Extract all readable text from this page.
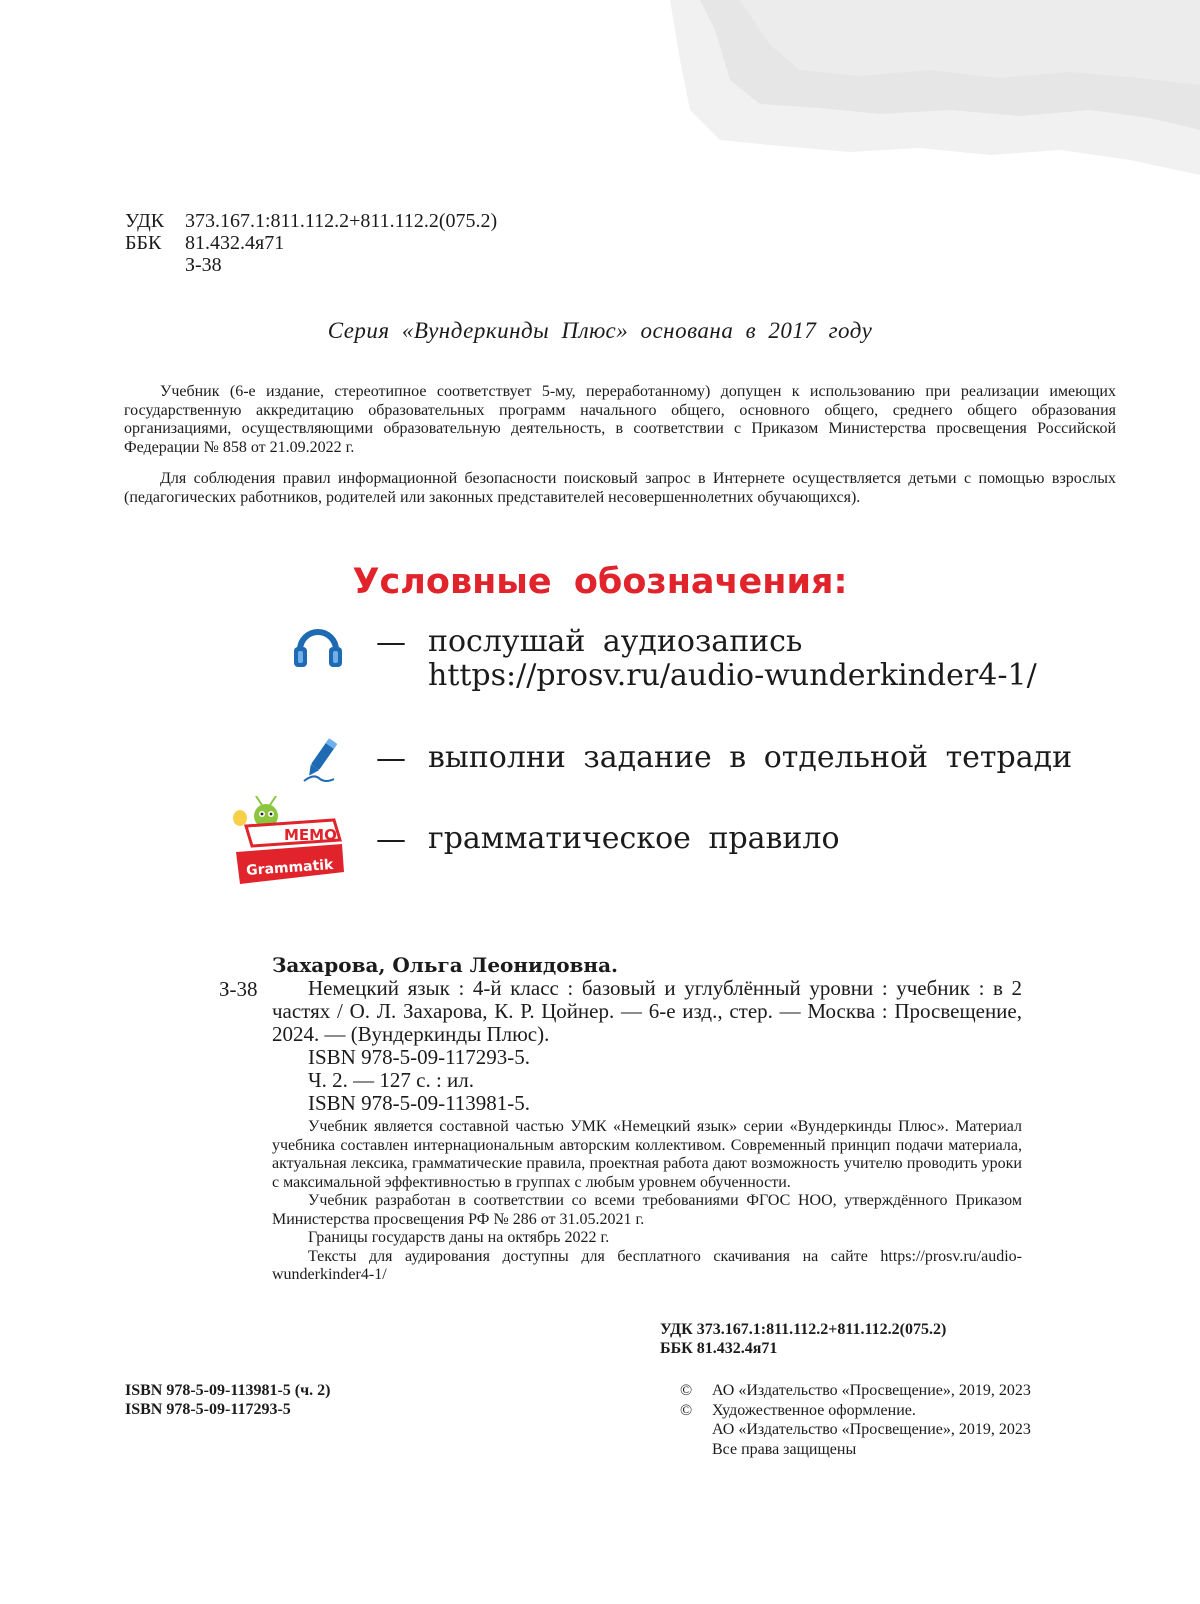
УДК	373.167.1:811.112.2+811.112.2(075.2)
ББК	81.432.4я71
З-38
Серия «Вундеркинды Плюс» основана в 2017 году
Учебник (6-е издание, стереотипное соответствует 5-му, переработанному) допущен к использованию при реализации имеющих государственную аккредитацию образовательных программ начального общего, основного общего, среднего общего образования организациями, осуществляющими образовательную деятельность, в соответствии с Приказом Министерства просвещения Российской Федерации № 858 от 21.09.2022 г.
Для соблюдения правил информационной безопасности поисковый запрос в Интернете осуществляется детьми с помощью взрослых (педагогических работников, родителей или законных представителей несовершеннолетних обучающихся).
Условные обозначения:
— послушай аудиозапись
https://prosv.ru/audio-wunderkinder4-1/
— выполни задание в отдельной тетради
MEMO
Grammatik
— грамматическое правило
Захарова, Ольга Леонидовна.
З-38	Немецкий язык : 4-й класс : базовый и углублённый уровни : учебник : в 2 частях / О. Л. Захарова, К. Р. Цойнер. — 6-е изд., стер. — Москва : Просвещение, 2024. — (Вундеркинды Плюс).
ISBN 978-5-09-117293-5.
Ч. 2. — 127 с. : ил.
ISBN 978-5-09-113981-5.
Учебник является составной частью УМК «Немецкий язык» серии «Вундеркинды Плюс». Материал учебника составлен интернациональным авторским коллективом. Современный принцип подачи материала, актуальная лексика, грамматические правила, проектная работа дают возможность учителю проводить уроки с максимальной эффективностью в группах с любым уровнем обученности.
Учебник разработан в соответствии со всеми требованиями ФГОС НОО, утверждённого Приказом Министерства просвещения РФ № 286 от 31.05.2021 г.
Границы государств даны на октябрь 2022 г.
Тексты для аудирования доступны для бесплатного скачивания на сайте https://prosv.ru/audio-wunderkinder4-1/
УДК 373.167.1:811.112.2+811.112.2(075.2)
ББК 81.432.4я71
ISBN 978-5-09-113981-5 (ч. 2)
ISBN 978-5-09-117293-5
©	АО «Издательство «Просвещение», 2019, 2023
©	Художественное оформление.
АО «Издательство «Просвещение», 2019, 2023
Все права защищены
